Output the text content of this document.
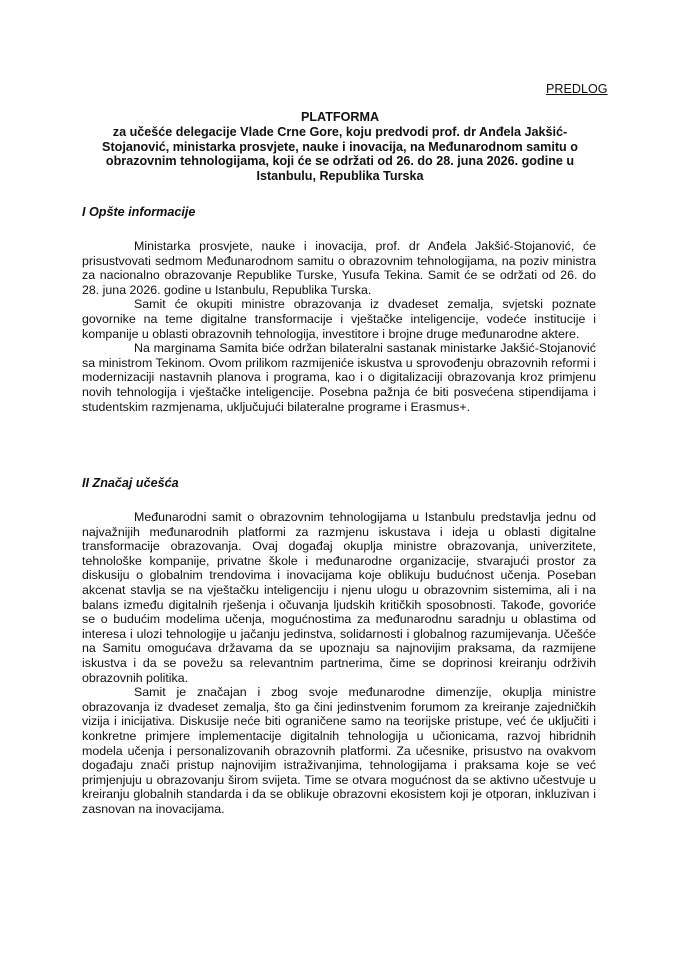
PREDLOG
PLATFORMA
za učešće delegacije Vlade Crne Gore, koju predvodi prof. dr Anđela Jakšić-
Stojanović, ministarka prosvjete, nauke i inovacija, na Međunarodnom samitu o
obrazovnim tehnologijama, koji će se održati od 26. do 28. juna 2026. godine u
Istanbulu, Republika Turska
I Opšte informacije

Ministarka prosvjete, nauke i inovacija, prof. dr Anđela Jakšić-Stojanović, će prisustvovati sedmom Međunarodnom samitu o obrazovnim tehnologijama, na poziv ministra za nacionalno obrazovanje Republike Turske, Yusufa Tekina. Samit će se održati od 26. do 28. juna 2026. godine u Istanbulu, Republika Turska.

Samit će okupiti ministre obrazovanja iz dvadeset zemalja, svjetski poznate govornike na teme digitalne transformacije i vještačke inteligencije, vodeće institucije i kompanije u oblasti obrazovnih tehnologija, investitore i brojne druge međunarodne aktere.

Na marginama Samita biće održan bilateralni sastanak ministarke Jakšić-Stojanović sa ministrom Tekinom. Ovom prilikom razmijeniće iskustva u sprovođenju obrazovnih reformi i modernizaciji nastavnih planova i programa, kao i o digitalizaciji obrazovanja kroz primjenu novih tehnologija i vještačke inteligencije. Posebna pažnja će biti posvećena stipendijama i studentskim razmjenama, uključujući bilateralne programe i Erasmus+.

II Značaj učešća

Međunarodni samit o obrazovnim tehnologijama u Istanbulu predstavlja jednu od najvažnijih međunarodnih platformi za razmjenu iskustava i ideja u oblasti digitalne transformacije obrazovanja. Ovaj događaj okuplja ministre obrazovanja, univerzitete, tehnološke kompanije, privatne škole i međunarodne organizacije, stvarajući prostor za diskusiju o globalnim trendovima i inovacijama koje oblikuju budućnost učenja. Poseban akcenat stavlja se na vještačku inteligenciju i njenu ulogu u obrazovnim sistemima, ali i na balans između digitalnih rješenja i očuvanja ljudskih kritičkih sposobnosti. Takođe, govoriće se o budućim modelima učenja, mogućnostima za međunarodnu saradnju u oblastima od interesa i ulozi tehnologije u jačanju jedinstva, solidarnosti i globalnog razumijevanja. Učešće na Samitu omogućava državama da se upoznaju sa najnovijim praksama, da razmijene iskustva i da se povežu sa relevantnim partnerima, čime se doprinosi kreiranju održivih obrazovnih politika.

Samit je značajan i zbog svoje međunarodne dimenzije, okuplja ministre obrazovanja iz dvadeset zemalja, što ga čini jedinstvenim forumom za kreiranje zajedničkih vizija i inicijativa. Diskusije neće biti ograničene samo na teorijske pristupe, već će uključiti i konkretne primjere implementacije digitalnih tehnologija u učionicama, razvoj hibridnih modela učenja i personalizovanih obrazovnih platformi. Za učesnike, prisustvo na ovakvom događaju znači pristup najnovijim istraživanjima, tehnologijama i praksama koje se već primjenjuju u obrazovanju širom svijeta. Time se otvara mogućnost da se aktivno učestvuje u kreiranju globalnih standarda i da se oblikuje obrazovni ekosistem koji je otporan, inkluzivan i zasnovan na inovacijama.
